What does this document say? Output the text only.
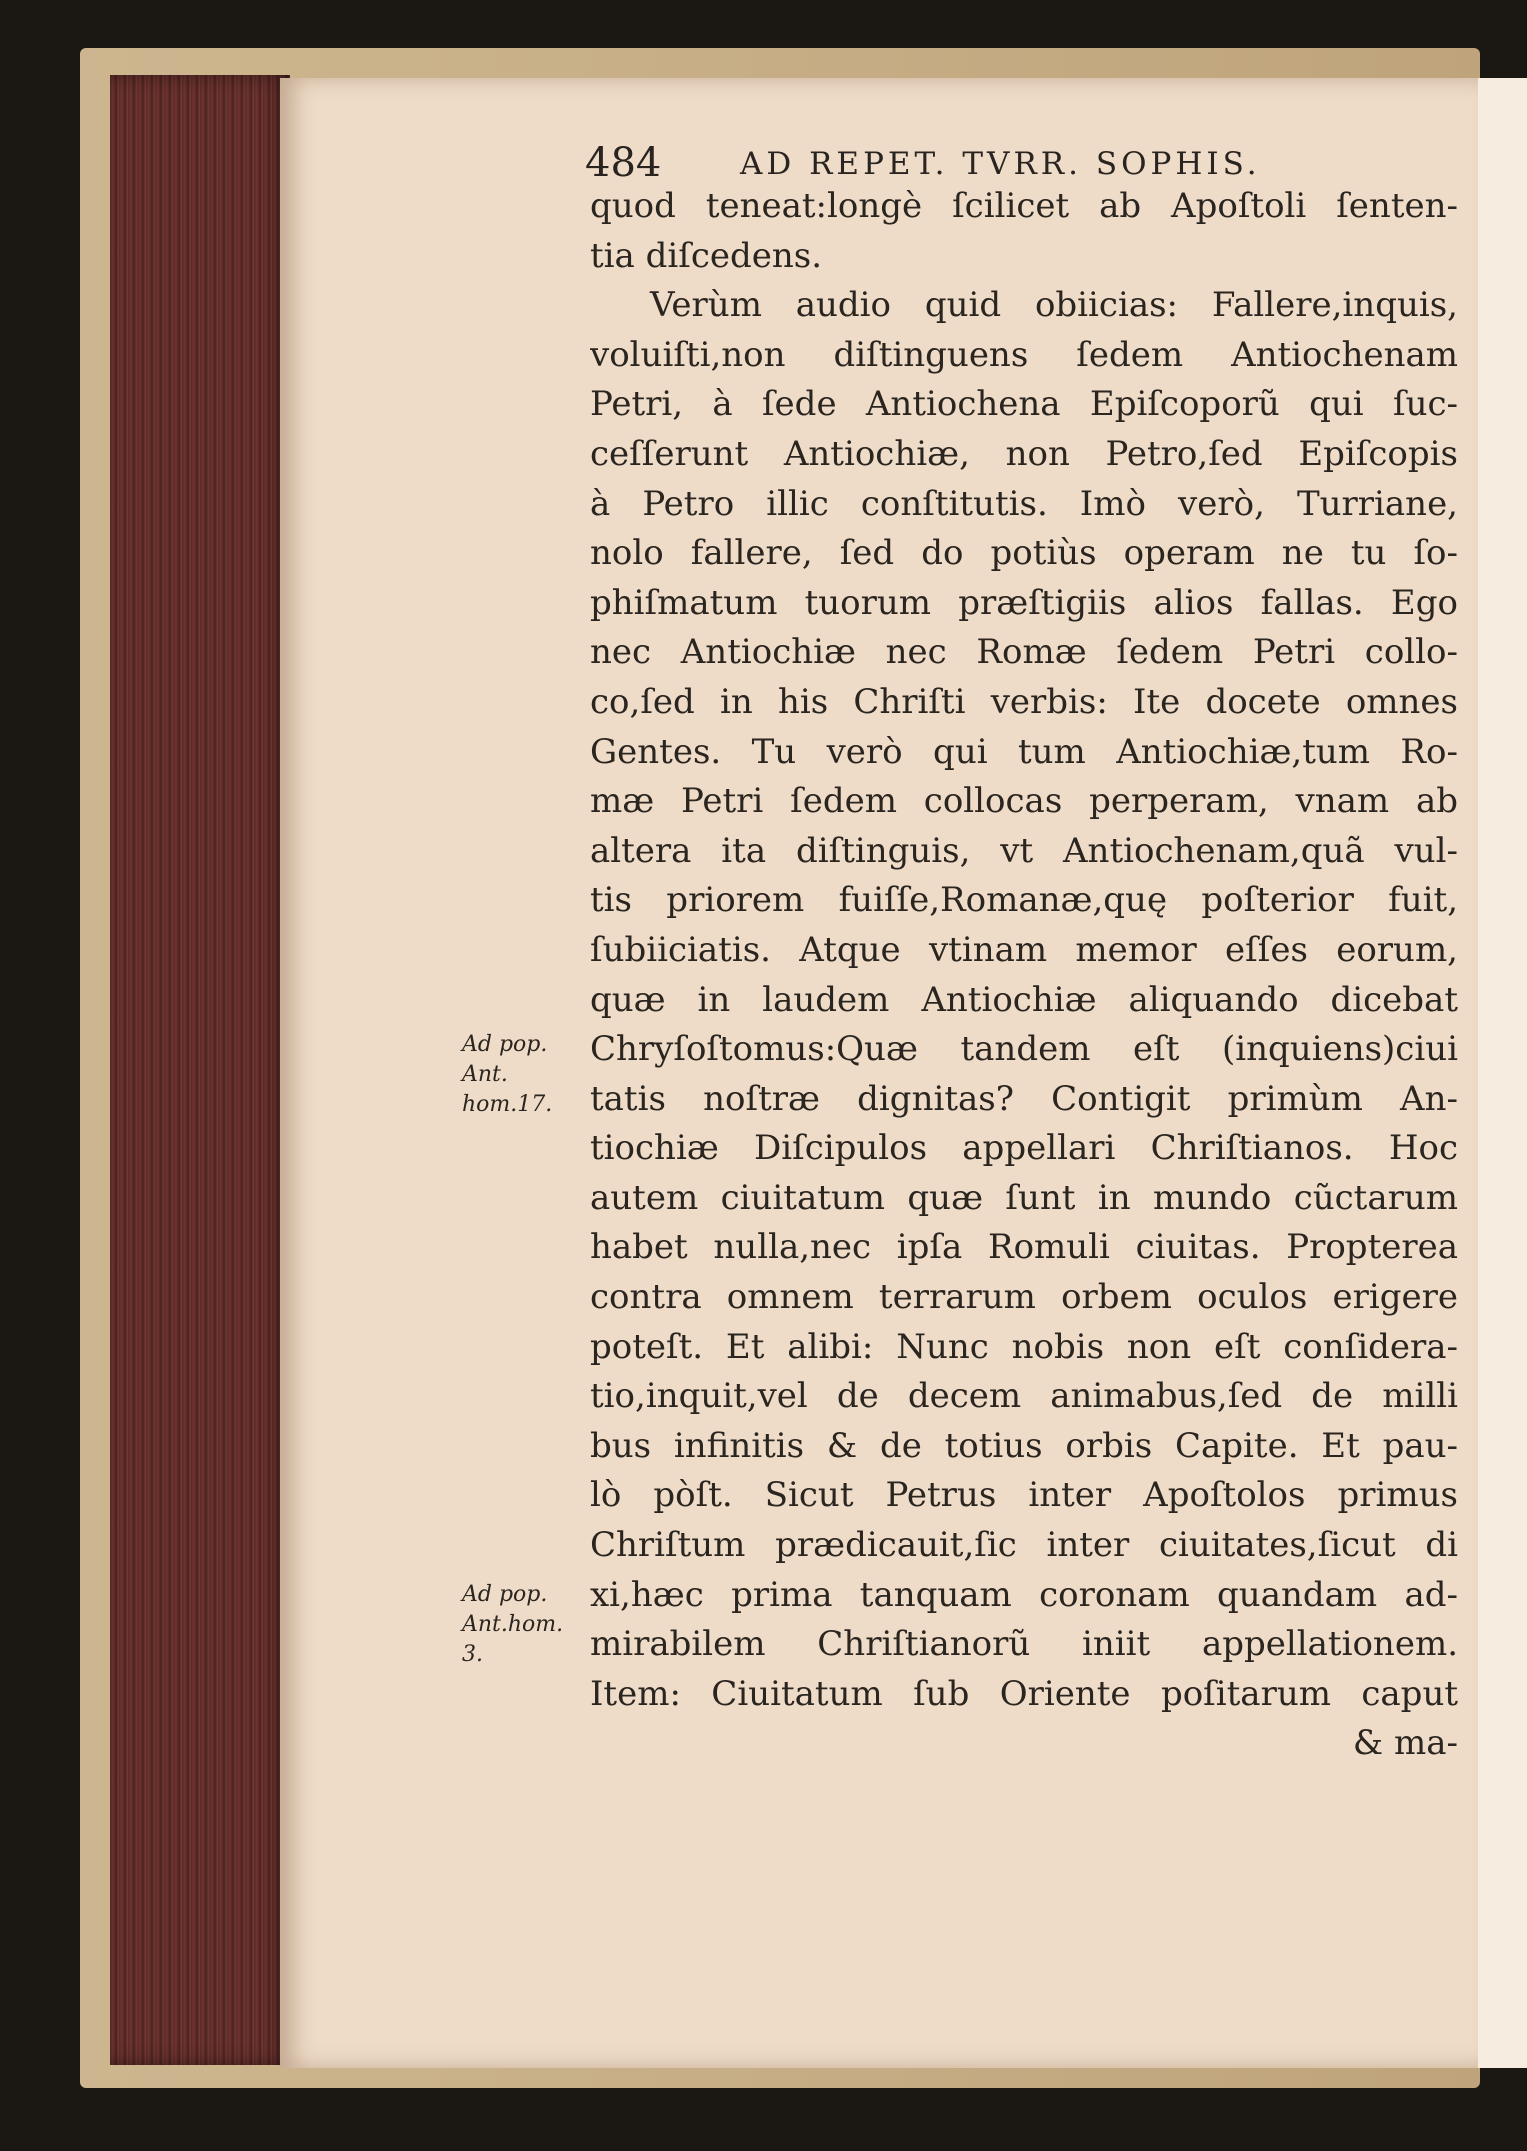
484	AD REPET. TVRR. SOPHIS.
quod teneat:longè ſcilicet ab Apoſtoli ſenten-
tia diſcedens.
Verùm audio quid obiicias: Fallere,inquis,
voluiſti,non diſtinguens ſedem Antiochenam
Petri, à ſede Antiochena Epiſcoporũ qui ſuc-
ceſſerunt Antiochiæ, non Petro,ſed Epiſcopis
à Petro illic conſtitutis. Imò verò, Turriane,
nolo fallere, ſed do potiùs operam ne tu ſo-
phiſmatum tuorum præſtigiis alios fallas. Ego
nec Antiochiæ nec Romæ ſedem Petri collo-
co,ſed in his Chriſti verbis: Ite docete omnes
Gentes. Tu verò qui tum Antiochiæ,tum Ro-
mæ Petri ſedem collocas perperam, vnam ab
altera ita diſtinguis, vt Antiochenam,quã vul-
tis priorem fuiſſe,Romanæ,quę poſterior fuit,
ſubiiciatis. Atque vtinam memor eſſes eorum,
quæ in laudem Antiochiæ aliquando dicebat
Chryſoſtomus:Quæ tandem eſt (inquiens)ciui
tatis noſtræ dignitas? Contigit primùm An-
tiochiæ Diſcipulos appellari Chriſtianos. Hoc
autem ciuitatum quæ ſunt in mundo cũctarum
habet nulla,nec ipſa Romuli ciuitas. Propterea
contra omnem terrarum orbem oculos erigere
poteſt. Et alibi: Nunc nobis non eſt conſidera-
tio,inquit,vel de decem animabus,ſed de milli
bus infinitis & de totius orbis Capite. Et pau-
lò pòſt. Sicut Petrus inter Apoſtolos primus
Chriſtum prædicauit,ſic inter ciuitates,ſicut di
xi,hæc prima tanquam coronam quandam ad-
mirabilem Chriſtianorũ iniit appellationem.
Item: Ciuitatum ſub Oriente poſitarum caput
& ma-
Ad pop.
Ant.
hom.17.
Ad pop.
Ant.hom.
3.
